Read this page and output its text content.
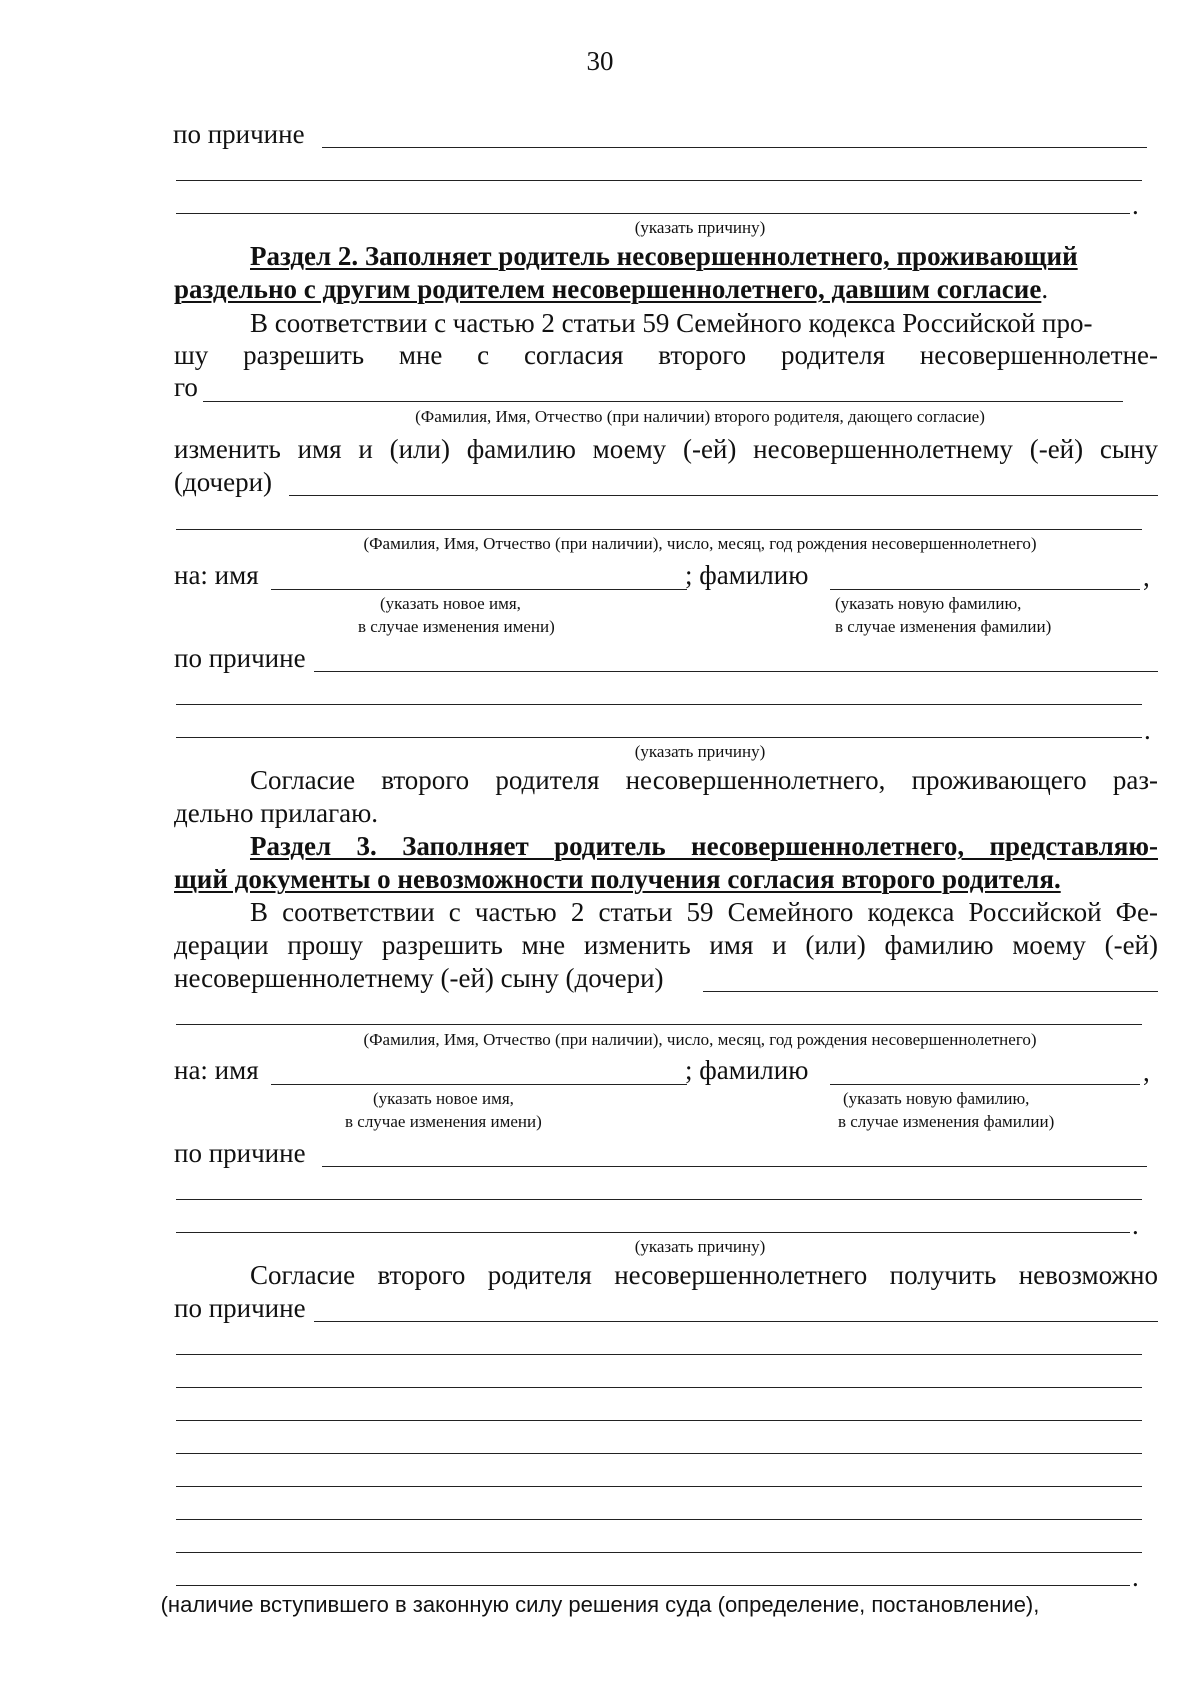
30
по причине
.
(указать причину)
Раздел 2. Заполняет родитель несовершеннолетнего, проживающий
раздельно с другим родителем несовершеннолетнего, давшим согласие.
В соответствии с частью 2 статьи 59 Семейного кодекса Российской про-
шу разрешить мне с согласия второго родителя несовершеннолетне-
го
(Фамилия, Имя, Отчество (при наличии) второго родителя, дающего согласие)
изменить имя и (или) фамилию моему (-ей) несовершеннолетнему (-ей) сыну
(дочери)
(Фамилия, Имя, Отчество (при наличии), число, месяц, год рождения несовершеннолетнего)
на: имя	; фамилию	,
(указать новое имя,
в случае изменения имени)
(указать новую фамилию,
в случае изменения фамилии)
по причине
.
(указать причину)
Согласие второго родителя несовершеннолетнего, проживающего раз-
дельно прилагаю.
Раздел 3. Заполняет родитель несовершеннолетнего, представляю-
щий документы о невозможности получения согласия второго родителя.
В соответствии с частью 2 статьи 59 Семейного кодекса Российской Фе-
дерации прошу разрешить мне изменить имя и (или) фамилию моему (-ей)
несовершеннолетнему (-ей) сыну (дочери)
(Фамилия, Имя, Отчество (при наличии), число, месяц, год рождения несовершеннолетнего)
на: имя	; фамилию	,
(указать новое имя,
в случае изменения имени)
(указать новую фамилию,
в случае изменения фамилии)
по причине
.
(указать причину)
Согласие второго родителя несовершеннолетнего получить невозможно
по причине
.
(наличие вступившего в законную силу решения суда (определение, постановление),
